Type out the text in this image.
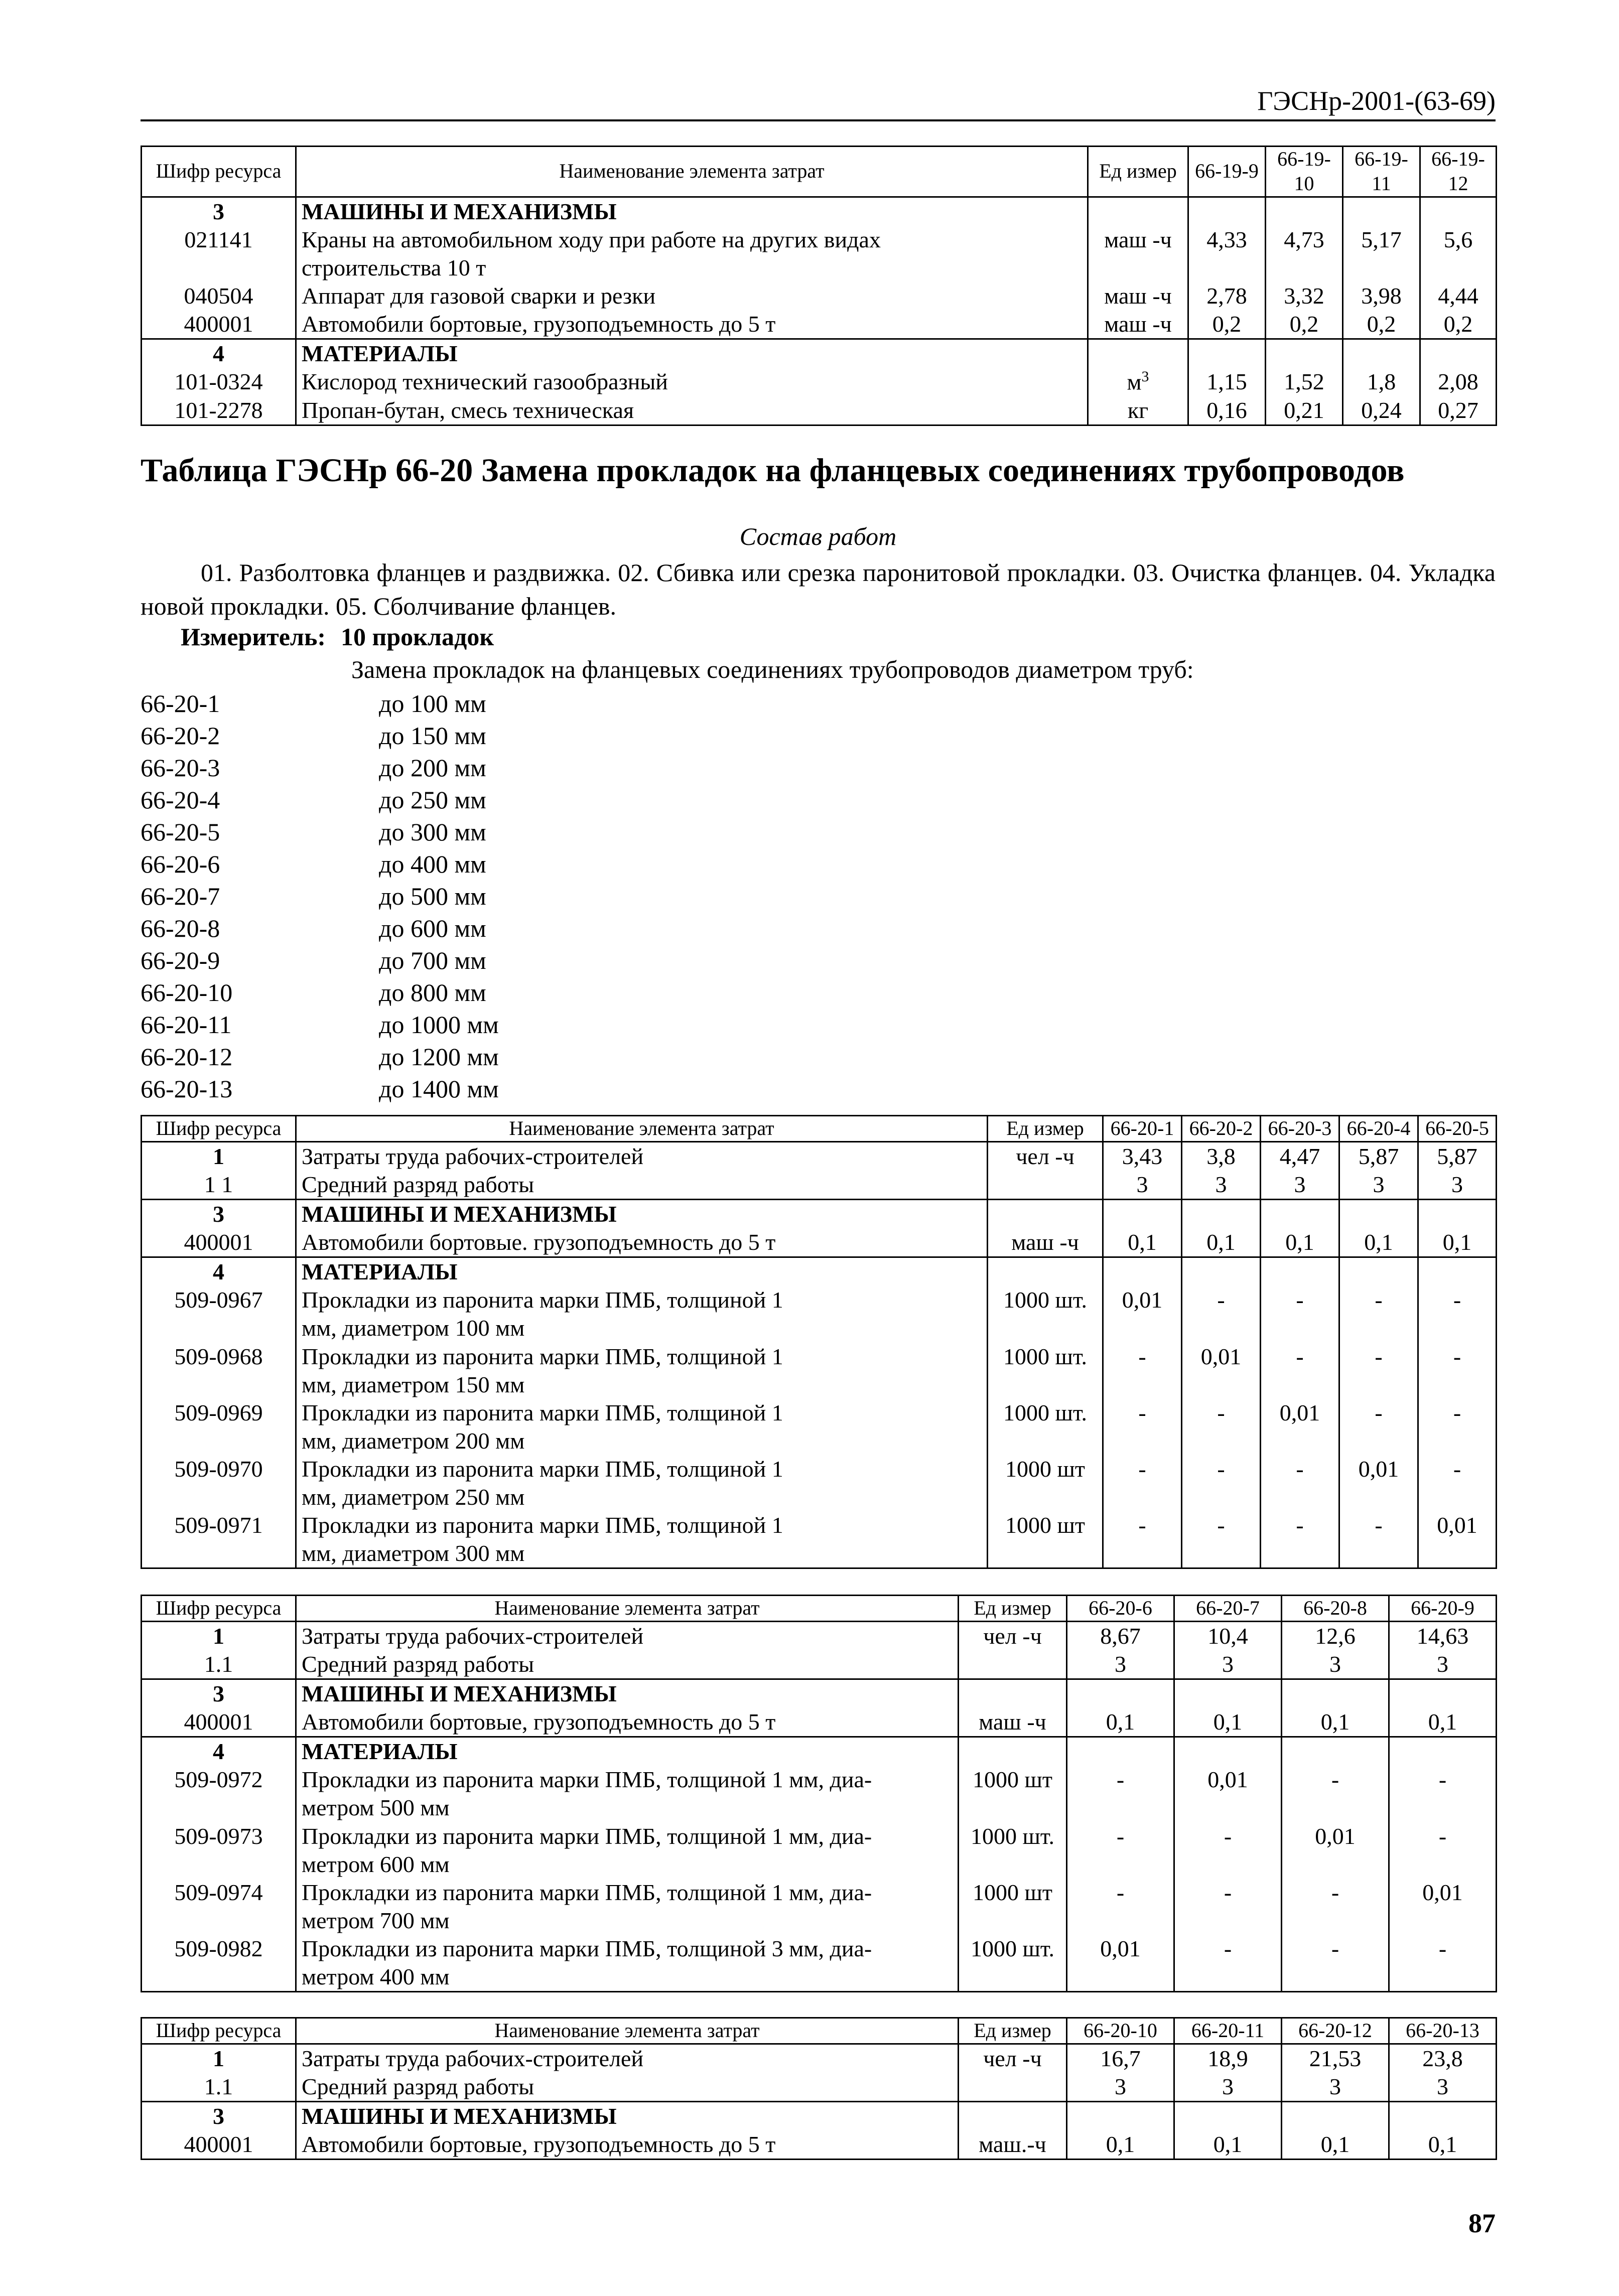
ГЭСНр-2001-(63-69)
Шифр ресурса	Наименование элемента затрат	Ед измер	66-19-9	66-19-10	66-19-11	66-19-12
3	МАШИНЫ И МЕХАНИЗМЫ					
021141	Краны на автомобильном ходу при работе на других видах
строительства 10 т	маш -ч	4,33	4,73	5,17	5,6
040504	Аппарат для газовой сварки и резки	маш -ч	2,78	3,32	3,98	4,44
400001	Автомобили бортовые, грузоподъемность до 5 т	маш -ч	0,2	0,2	0,2	0,2
4	МАТЕРИАЛЫ					
101-0324	Кислород технический газообразный	$м^3$	1,15	1,52	1,8	2,08
101-2278	Пропан-бутан, смесь техническая	кг	0,16	0,21	0,24	0,27
Таблица ГЭСНр 66-20 Замена прокладок на фланцевых соединениях трубопроводов
Состав работ
01. Разболтовка фланцев и раздвижка. 02. Сбивка или срезка паронитовой прокладки. 03. Очистка фланцев. 04. Укладка новой прокладки. 05. Сболчивание фланцев.
Измеритель: 10 прокладок
Замена прокладок на фланцевых соединениях трубопроводов диаметром труб:
66-20-1	до 100 мм
66-20-2	до 150 мм
66-20-3	до 200 мм
66-20-4	до 250 мм
66-20-5	до 300 мм
66-20-6	до 400 мм
66-20-7	до 500 мм
66-20-8	до 600 мм
66-20-9	до 700 мм
66-20-10	до 800 мм
66-20-11	до 1000 мм
66-20-12	до 1200 мм
66-20-13	до 1400 мм
Шифр ресурса	Наименование элемента затрат	Ед измер	66-20-1	66-20-2	66-20-3	66-20-4	66-20-5
1	Затраты труда рабочих-строителей	чел -ч	3,43	3,8	4,47	5,87	5,87
1 1	Средний разряд работы		3	3	3	3	3
3	МАШИНЫ И МЕХАНИЗМЫ						
400001	Автомобили бортовые. грузоподъемность до 5 т	маш -ч	0,1	0,1	0,1	0,1	0,1
4	МАТЕРИАЛЫ						
509-0967	Прокладки из паронита марки ПМБ, толщиной 1
мм, диаметром 100 мм	1000 шт.	0,01	-	-	-	-
509-0968	Прокладки из паронита марки ПМБ, толщиной 1
мм, диаметром 150 мм	1000 шт.	-	0,01	-	-	-
509-0969	Прокладки из паронита марки ПМБ, толщиной 1
мм, диаметром 200 мм	1000 шт.	-	-	0,01	-	-
509-0970	Прокладки из паронита марки ПМБ, толщиной 1
мм, диаметром 250 мм	1000 шт	-	-	-	0,01	-
509-0971	Прокладки из паронита марки ПМБ, толщиной 1
мм, диаметром 300 мм	1000 шт	-	-	-	-	0,01
Шифр ресурса	Наименование элемента затрат	Ед измер	66-20-6	66-20-7	66-20-8	66-20-9
1	Затраты труда рабочих-строителей	чел -ч	8,67	10,4	12,6	14,63
1.1	Средний разряд работы		3	3	3	3
3	МАШИНЫ И МЕХАНИЗМЫ					
400001	Автомобили бортовые, грузоподъемность до 5 т	маш -ч	0,1	0,1	0,1	0,1
4	МАТЕРИАЛЫ					
509-0972	Прокладки из паронита марки ПМБ, толщиной 1 мм, диа-
метром 500 мм	1000 шт	-	0,01	-	-
509-0973	Прокладки из паронита марки ПМБ, толщиной 1 мм, диа-
метром 600 мм	1000 шт.	-	-	0,01	-
509-0974	Прокладки из паронита марки ПМБ, толщиной 1 мм, диа-
метром 700 мм	1000 шт	-	-	-	0,01
509-0982	Прокладки из паронита марки ПМБ, толщиной 3 мм, диа-
метром 400 мм	1000 шт.	0,01	-	-	-
Шифр ресурса	Наименование элемента затрат	Ед измер	66-20-10	66-20-11	66-20-12	66-20-13
1	Затраты труда рабочих-строителей	чел -ч	16,7	18,9	21,53	23,8
1.1	Средний разряд работы		3	3	3	3
3	МАШИНЫ И МЕХАНИЗМЫ					
400001	Автомобили бортовые, грузоподъемность до 5 т	маш.-ч	0,1	0,1	0,1	0,1
87
